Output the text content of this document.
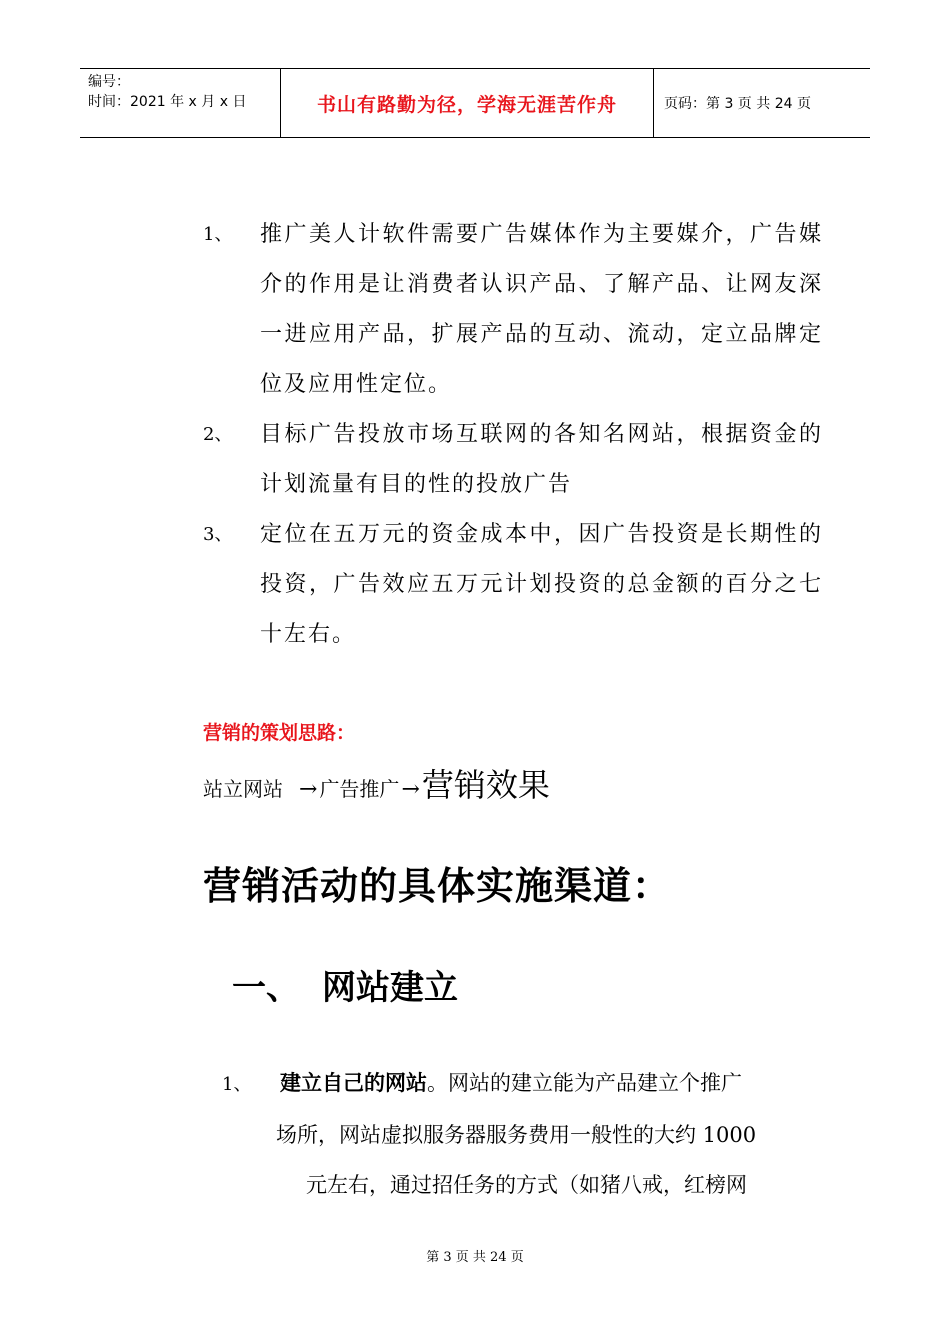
编号：
时间：2021 年 x 月 x 日	书山有路勤为径，学海无涯苦作舟	页码：第 3 页 共 24 页
1、 推广美人计软件需要广告媒体作为主要媒介，广告媒介的作用是让消费者认识产品、了解产品、让网友深一进应用产品，扩展产品的互动、流动，定立品牌定位及应用性定位。
2、 目标广告投放市场互联网的各知名网站，根据资金的计划流量有目的性的投放广告
3、 定位在五万元的资金成本中，因广告投资是长期性的投资，广告效应五万元计划投资的总金额的百分之七十左右。
营销的策划思路：
站立网站 → 广告推广 → 营销效果
营销活动的具体实施渠道：
一、 网站建立
1、 建立自己的网站。网站的建立能为产品建立个推广
场所，网站虚拟服务器服务费用一般性的大约 1000
元左右，通过招任务的方式（如猪八戒，红榜网
第 3 页 共 24 页
